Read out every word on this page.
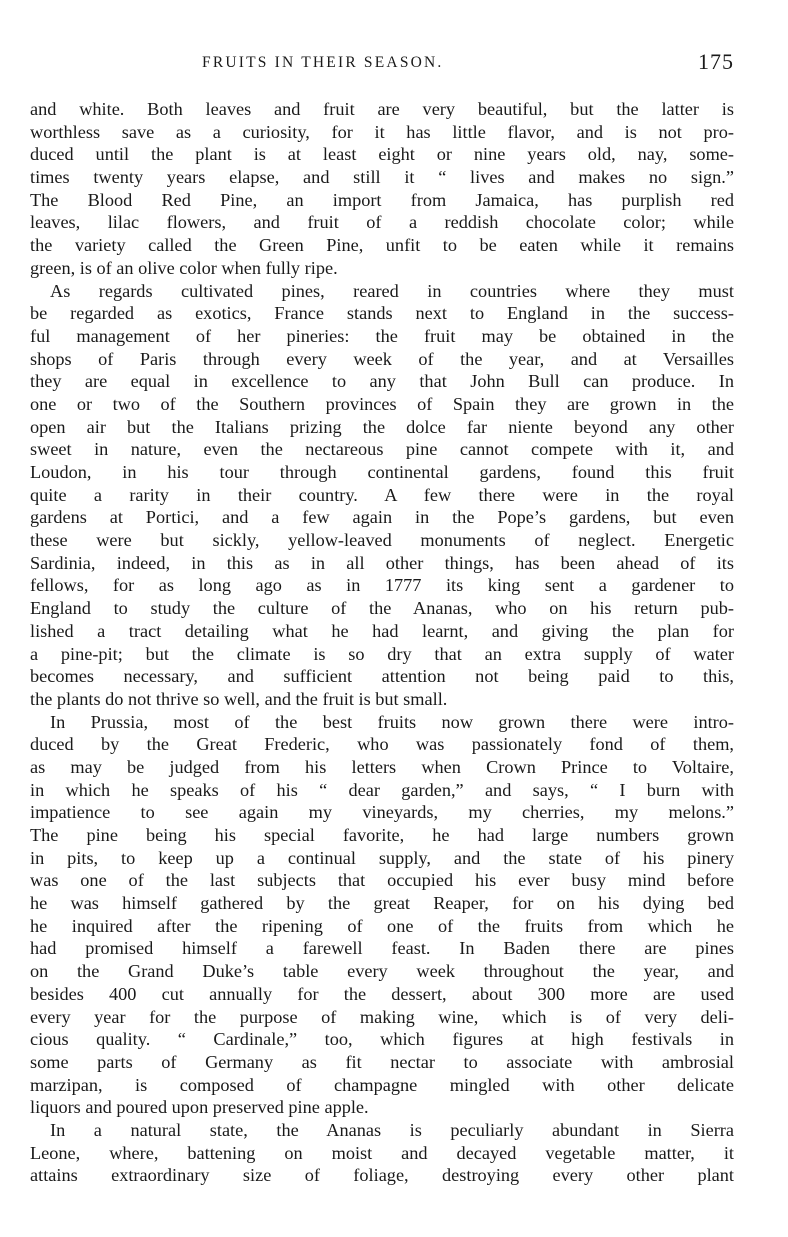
FRUITS IN THEIR SEASON.	175
and white. Both leaves and fruit are very beautiful, but the latter is
worthless save as a curiosity, for it has little flavor, and is not pro-
duced until the plant is at least eight or nine years old, nay, some-
times twenty years elapse, and still it “ lives and makes no sign.”
The Blood Red Pine, an import from Jamaica, has purplish red
leaves, lilac flowers, and fruit of a reddish chocolate color; while
the variety called the Green Pine, unfit to be eaten while it remains
green, is of an olive color when fully ripe.
As regards cultivated pines, reared in countries where they must
be regarded as exotics, France stands next to England in the success-
ful management of her pineries: the fruit may be obtained in the
shops of Paris through every week of the year, and at Versailles
they are equal in excellence to any that John Bull can produce. In
one or two of the Southern provinces of Spain they are grown in the
open air but the Italians prizing the dolce far niente beyond any other
sweet in nature, even the nectareous pine cannot compete with it, and
Loudon, in his tour through continental gardens, found this fruit
quite a rarity in their country. A few there were in the royal
gardens at Portici, and a few again in the Pope’s gardens, but even
these were but sickly, yellow-leaved monuments of neglect. Energetic
Sardinia, indeed, in this as in all other things, has been ahead of its
fellows, for as long ago as in 1777 its king sent a gardener to
England to study the culture of the Ananas, who on his return pub-
lished a tract detailing what he had learnt, and giving the plan for
a pine-pit; but the climate is so dry that an extra supply of water
becomes necessary, and sufficient attention not being paid to this,
the plants do not thrive so well, and the fruit is but small.
In Prussia, most of the best fruits now grown there were intro-
duced by the Great Frederic, who was passionately fond of them,
as may be judged from his letters when Crown Prince to Voltaire,
in which he speaks of his “ dear garden,” and says, “ I burn with
impatience to see again my vineyards, my cherries, my melons.”
The pine being his special favorite, he had large numbers grown
in pits, to keep up a continual supply, and the state of his pinery
was one of the last subjects that occupied his ever busy mind before
he was himself gathered by the great Reaper, for on his dying bed
he inquired after the ripening of one of the fruits from which he
had promised himself a farewell feast. In Baden there are pines
on the Grand Duke’s table every week throughout the year, and
besides 400 cut annually for the dessert, about 300 more are used
every year for the purpose of making wine, which is of very deli-
cious quality. “ Cardinale,” too, which figures at high festivals in
some parts of Germany as fit nectar to associate with ambrosial
marzipan, is composed of champagne mingled with other delicate
liquors and poured upon preserved pine apple.
In a natural state, the Ananas is peculiarly abundant in Sierra
Leone, where, battening on moist and decayed vegetable matter, it
attains extraordinary size of foliage, destroying every other plant
